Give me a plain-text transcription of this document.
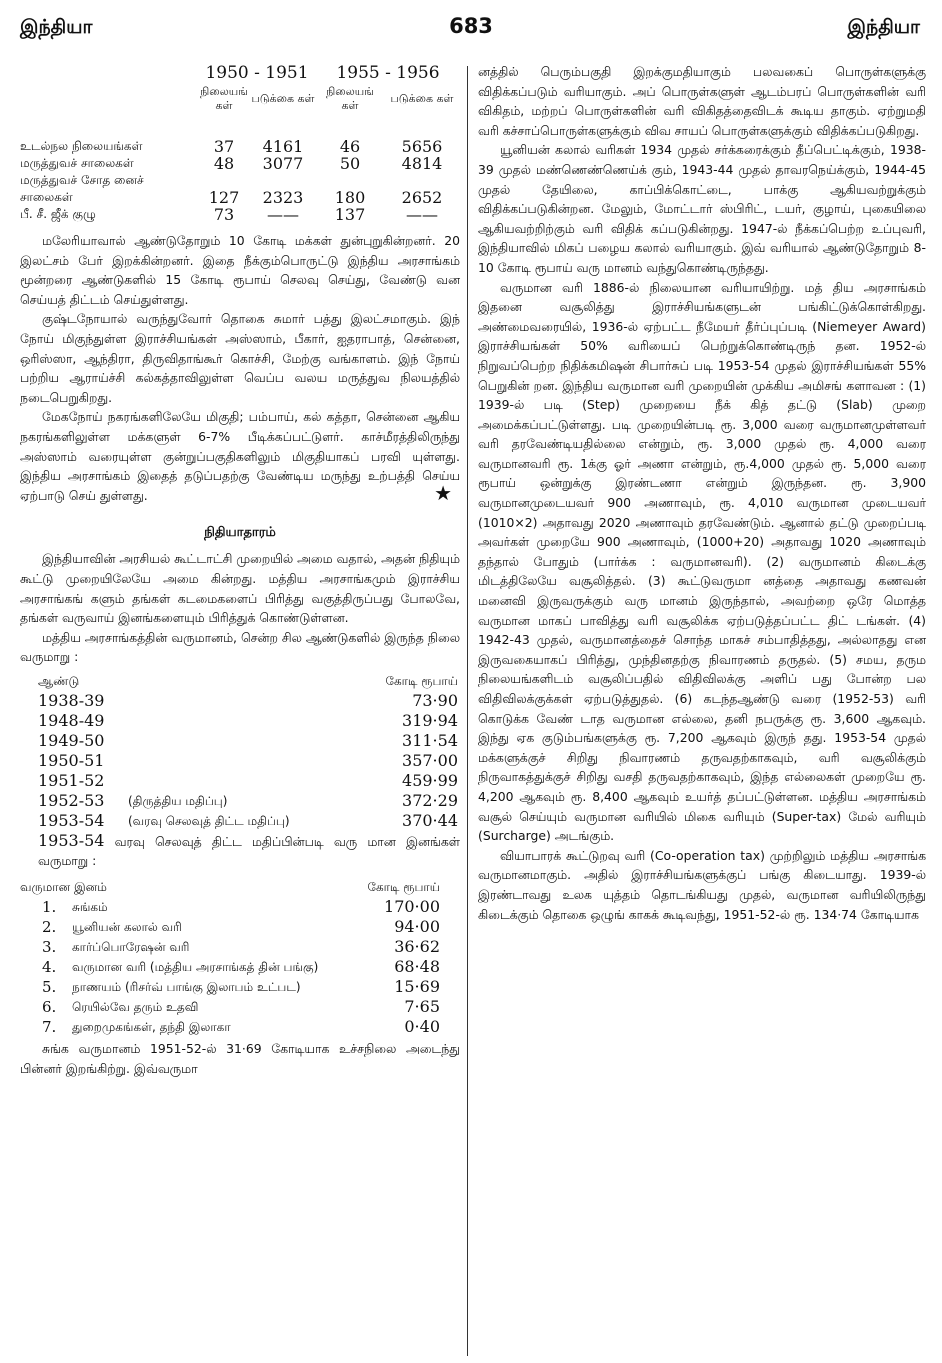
இந்தியா	683	இந்தியா
	1950 - 1951		1955 - 1956	
	நிலையங் கள்	படுக்கை கள்	நிலையங் கள்	படுக்கை கள்

உடல்நல நிலையங்கள்	37	4161	46	5656
மருத்துவச் சாலைகள்	48	3077	50	4814
மருத்துவச் சோத னைச் சாலைகள்	127	2323	180	2652
பீ. சீ. ஜீக் குழு	73	——	137	——

மலேரியாவால் ஆண்டுதோறும் 10 கோடி மக்கள் துன்புறுகின்றனர். 20 இலட்சம் பேர் இறக்கின்றனர். இதை நீக்கும்பொருட்டு இந்திய அரசாங்கம் மூன்றரை ஆண்டுகளில் 15 கோடி ரூபாய் செலவு செய்து, வேண்டு வன செய்யத் திட்டம் செய்துள்ளது.

குஷ்டநோயால் வருந்துவோர் தொகை சுமார் பத்து இலட்சமாகும். இந் நோய் மிகுந்துள்ள இராச்சியங்கள் அஸ்ஸாம், பீகார், ஐதராபாத், சென்னை, ஒரிஸ்ஸா, ஆந்திரா, திருவிதாங்கூர் கொச்சி, மேற்கு வங்காளம். இந் நோய் பற்றிய ஆராய்ச்சி கல்கத்தாவிலுள்ள வெப்ப வலய மருத்துவ நிலயத்தில் நடைபெறுகிறது.

மேகநோய் நகரங்களிலேயே மிகுதி; பம்பாய், கல் கத்தா, சென்னை ஆகிய நகரங்களிலுள்ள மக்களுள் 6-7% பீடிக்கப்பட்டுளர். காச்மீரத்திலிருந்து அஸ்ஸாம் வரையுள்ள குன்றுப்பகுதிகளிலும் மிகுதியாகப் பரவி யுள்ளது. இந்திய அரசாங்கம் இதைத் தடுப்பதற்கு வேண்டிய மருந்து உற்பத்தி செய்ய ஏற்பாடு செய் துள்ளது.	★
நிதியாதாரம்

இந்தியாவின் அரசியல் கூட்டாட்சி முறையில் அமை வதால், அதன் நிதியும் கூட்டு முறையிலேயே அமை கின்றது. மத்திய அரசாங்கமும் இராச்சிய அரசாங்கங் களும் தங்கள் கடமைகளைப் பிரித்து வகுத்திருப்பது போலவே, தங்கள் வருவாய் இனங்களையும் பிரித்துக் கொண்டுள்ளன.

மத்திய அரசாங்கத்தின் வருமானம், சென்ற சில ஆண்டுகளில் இருந்த நிலை வருமாறு :

ஆண்டு		கோடி ரூபாய்
1938-39		73·90
1948-49		319·94
1949-50		311·54
1950-51		357·00
1951-52		459·99
1952-53	(திருத்திய மதிப்பு)	372·29
1953-54	(வரவு செலவுத் திட்ட மதிப்பு)	370·44

1953-54 வரவு செலவுத் திட்ட மதிப்பின்படி வரு மான இனங்கள் வருமாறு :

வருமான இனம்		கோடி ரூபாய்
1.	சுங்கம்	170·00
2.	யூனியன் கலால் வரி	94·00
3.	கார்ப்பொரேஷன் வரி	36·62
4.	வருமான வரி (மத்திய அரசாங்கத் தின் பங்கு)	68·48
5.	நாணயம் (ரிசர்வ் பாங்கு இலாபம் உட்பட)	15·69
6.	ரெயில்வே தரும் உதவி	7·65
7.	துறைமுகங்கள், தந்தி இலாகா	0·40

சுங்க வருமானம் 1951-52-ல் 31·69 கோடியாக உச்சநிலை அடைந்து பின்னர் இறங்கிற்று. இவ்வருமா

னத்தில் பெரும்பகுதி இறக்குமதியாகும் பலவகைப் பொருள்களுக்கு விதிக்கப்படும் வரியாகும். அப் பொருள்களுள் ஆடம்பரப் பொருள்களின் வரி விகிதம், மற்றப் பொருள்களின் வரி விகிதத்தைவிடக் கூடிய தாகும். ஏற்றுமதி வரி கச்சாப்பொருள்களுக்கும் விவ சாயப் பொருள்களுக்கும் விதிக்கப்படுகிறது.

யூனியன் கலால் வரிகள் 1934 முதல் சர்க்கரைக்கும் தீப்பெட்டிக்கும், 1938-39 முதல் மண்ணெண்ணெய்க் கும், 1943-44 முதல் தாவரநெய்க்கும், 1944-45 முதல் தேயிலை, காப்பிக்கொட்டை, பாக்கு ஆகியவற்றுக்கும் விதிக்கப்படுகின்றன. மேலும், மோட்டார் ஸ்பிரிட், டயர், குழாய், புகையிலை ஆகியவற்றிற்கும் வரி விதிக் கப்படுகின்றது. 1947-ல் நீக்கப்பெற்ற உப்புவரி, இந்தியாவில் மிகப் பழைய கலால் வரியாகும். இவ் வரியால் ஆண்டுதோறும் 8-10 கோடி ரூபாய் வரு மானம் வந்துகொண்டிருந்தது.

வருமான வரி 1886-ல் நிலையான வரியாயிற்று. மத் திய அரசாங்கம் இதனை வசூலித்து இராச்சியங்களுடன் பங்கிட்டுக்கொள்கிறது. அண்மைவரையில், 1936-ல் ஏற்பட்ட நீமேயர் தீர்ப்புப்படி (Niemeyer Award) இராச்சியங்கள் 50% வரியைப் பெற்றுக்கொண்டிருந் தன. 1952-ல் நிறுவப்பெற்ற நிதிக்கமிஷன் சிபார்சுப் படி 1953-54 முதல் இராச்சியங்கள் 55% பெறுகின் றன. இந்திய வருமான வரி முறையின் முக்கிய அமிசங் களாவன : (1) 1939-ல் படி (Step) முறையை நீக் கித் தட்டு (Slab) முறை அமைக்கப்பட்டுள்ளது. படி முறையின்படி ரூ. 3,000 வரை வருமானமுள்ளவர் வரி தரவேண்டியதில்லை என்றும், ரூ. 3,000 முதல் ரூ. 4,000 வரை வருமானவரி ரூ. 1க்கு ஓர் அணா என்றும், ரூ.4,000 முதல் ரூ. 5,000 வரை ரூபாய் ஒன்றுக்கு இரண்டணா என்றும் இருந்தன. ரூ. 3,900 வருமானமுடையவர் 900 அணாவும், ரூ. 4,010 வருமான முடையவர் (1010×2) அதாவது 2020 அணாவும் தரவேண்டும். ஆனால் தட்டு முறைப்படி அவர்கள் முறையே 900 அணாவும், (1000+20) அதாவது 1020 அணாவும் தந்தால் போதும் (பார்க்க : வருமானவரி). (2) வருமானம் கிடைக்கு மிடத்திலேயே வசூலித்தல். (3) கூட்டுவருமா னத்தை அதாவது கணவன் மனைவி இருவருக்கும் வரு மானம் இருந்தால், அவற்றை ஒரே மொத்த வருமான மாகப் பாவித்து வரி வசூலிக்க ஏற்படுத்தப்பட்ட திட் டங்கள். (4) 1942-43 முதல், வருமானத்தைச் சொந்த மாகச் சம்பாதித்தது, அல்லாதது என இருவகையாகப் பிரித்து, முந்தினதற்கு நிவாரணம் தருதல். (5) சமய, தரும நிலையங்களிடம் வசூலிப்பதில் விதிவிலக்கு அளிப் பது போன்ற பல விதிவிலக்குக்கள் ஏற்படுத்துதல். (6) கடந்தஆண்டு வரை (1952-53) வரி கொடுக்க வேண் டாத வருமான எல்லை, தனி நபருக்கு ரூ. 3,600 ஆகவும். இந்து ஏக குடும்பங்களுக்கு ரூ. 7,200 ஆகவும் இருந் தது. 1953-54 முதல் மக்களுக்குச் சிறிது நிவாரணம் தருவதற்காகவும், வரி வசூலிக்கும் நிருவாகத்துக்குச் சிறிது வசதி தருவதற்காகவும், இந்த எல்லைகள் முறையே ரூ. 4,200 ஆகவும் ரூ. 8,400 ஆகவும் உயர்த் தப்பட்டுள்ளன. மத்திய அரசாங்கம் வசூல் செய்யும் வருமான வரியில் மிகை வரியும் (Super-tax) மேல் வரியும் (Surcharge) அடங்கும்.

வியாபாரக் கூட்டுறவு வரி (Co-operation tax) முற்றிலும் மத்திய அரசாங்க வருமானமாகும். அதில் இராச்சியங்களுக்குப் பங்கு கிடையாது. 1939-ல் இரண்டாவது உலக யுத்தம் தொடங்கியது முதல், வருமான வரியிலிருந்து கிடைக்கும் தொகை ஒழுங் காகக் கூடிவந்து, 1951-52-ல் ரூ. 134·74 கோடியாக
